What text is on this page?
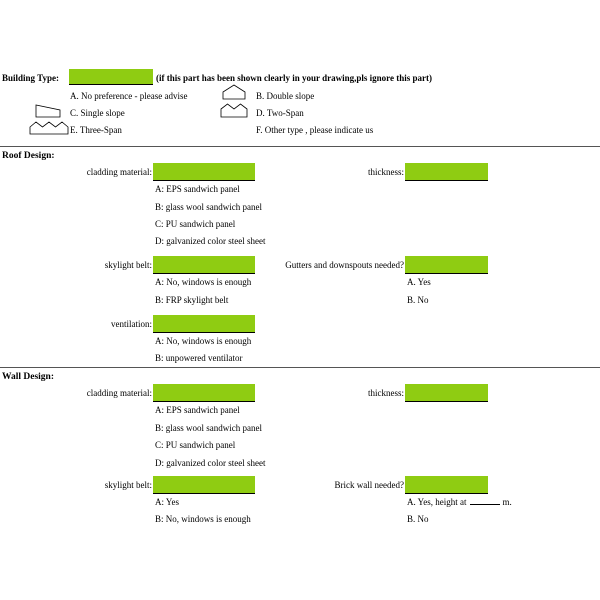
Building Type:	(if this part has been shown clearly in your drawing,pls ignore this part)
A. No preference - please advise	B. Double slope
C. Single slope	D. Two-Span
E. Three-Span	F. Other type , please indicate us
Roof Design:
cladding material:	thickness:
A: EPS sandwich panel
B: glass wool sandwich panel
C: PU sandwich panel
D: galvanized color steel sheet
skylight belt:	Gutters and downspouts needed?
A: No, windows is enough	A. Yes
B: FRP skylight belt	B. No
ventilation:
A: No, windows is enough
B: unpowered ventilator
Wall Design:
cladding material:	thickness:
A: EPS sandwich panel
B: glass wool sandwich panel
C: PU sandwich panel
D: galvanized color steel sheet
skylight belt:	Brick wall needed?
A: Yes	A. Yes, height at	m.
B: No, windows is enough	B. No
